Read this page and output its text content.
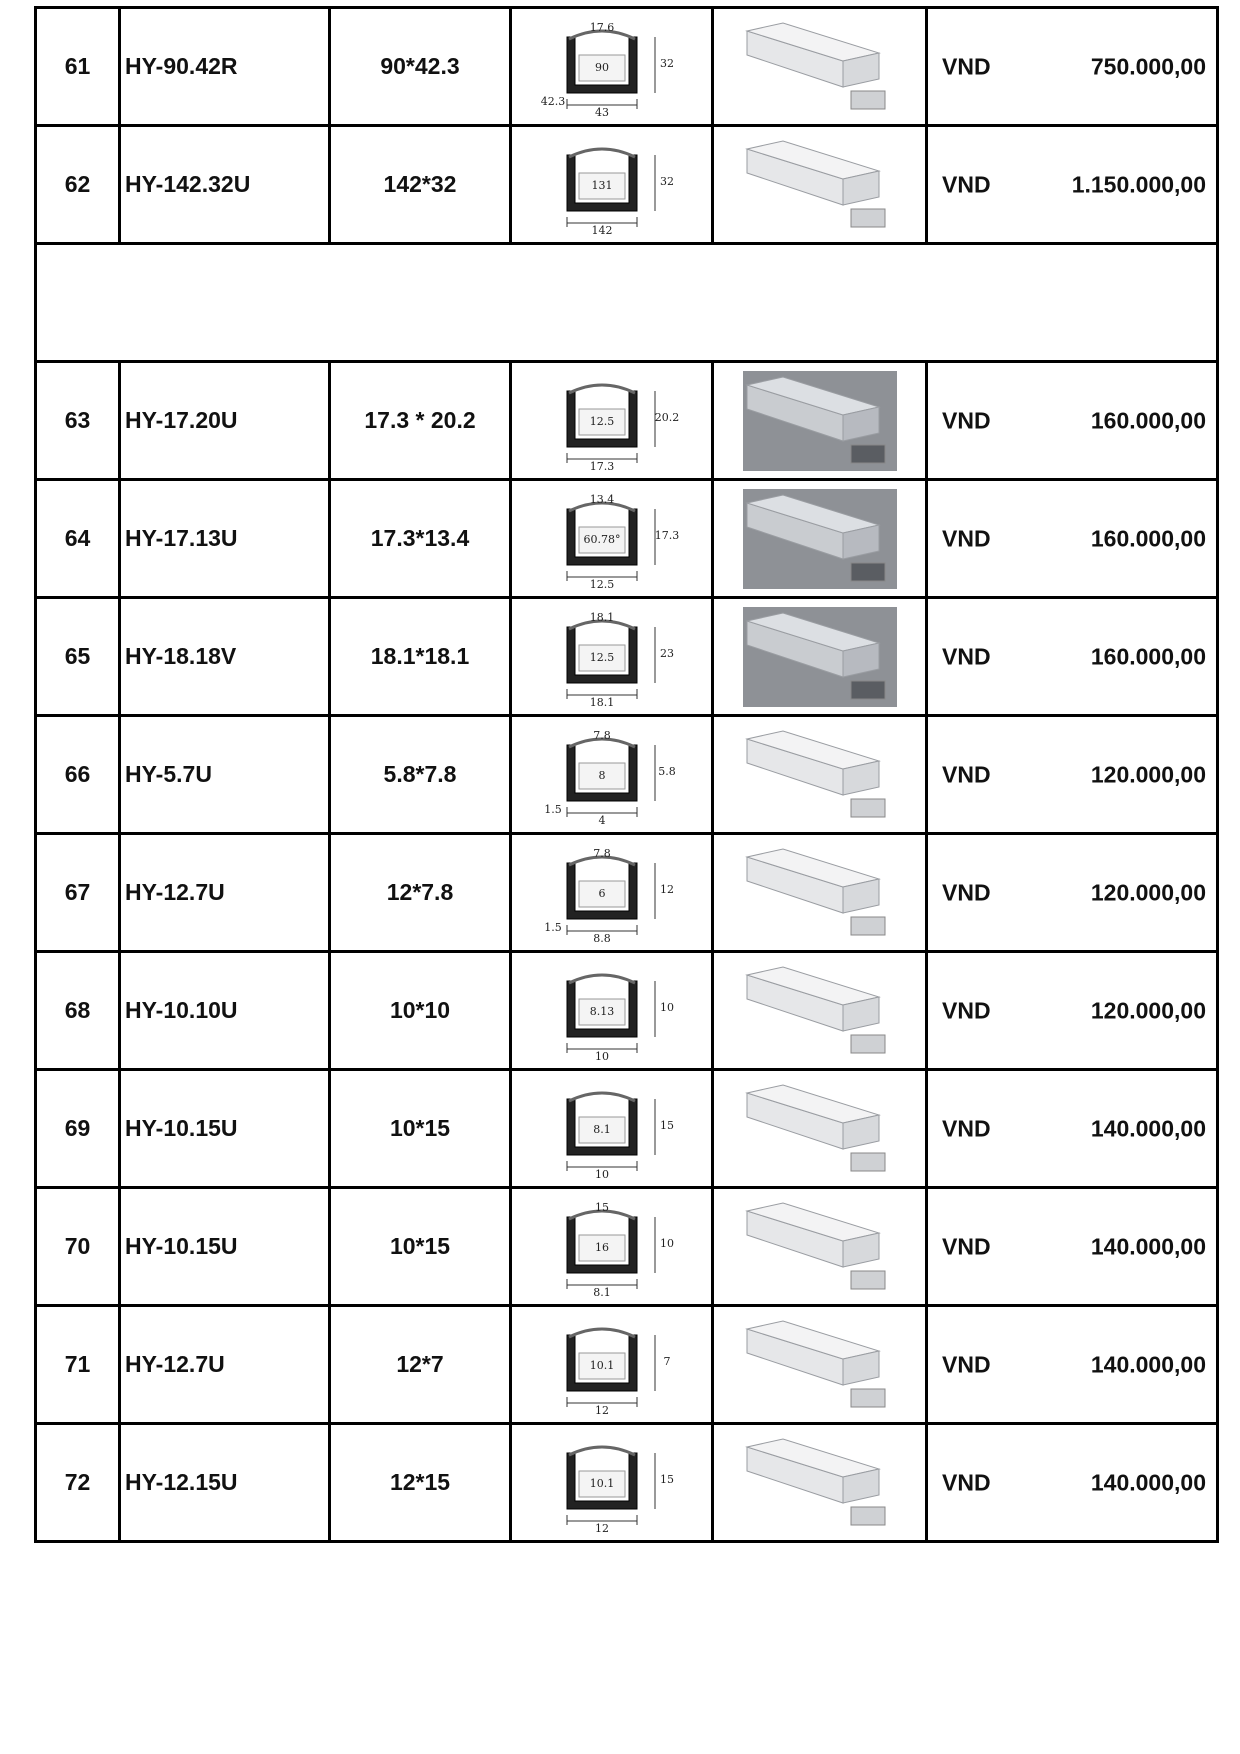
61	HY-90.42R	90*42.3	90
43
32
17.6
42.3		VND 750.000,00

62	HY-142.32U	142*32	131
142
32		VND 1.150.000,00

63	HY-17.20U	17.3 * 20.2	12.5
17.3
20.2		VND 160.000,00

64	HY-17.13U	17.3*13.4	60.78°
12.5
17.3
13.4		VND 160.000,00

65	HY-18.18V	18.1*18.1	12.5
18.1
23
18.1		VND 160.000,00

66	HY-5.7U	5.8*7.8	8
4
5.8
7.8
1.5		VND 120.000,00

67	HY-12.7U	12*7.8	6
8.8
12
7.8
1.5		VND 120.000,00

68	HY-10.10U	10*10	8.13
10
10		VND 120.000,00

69	HY-10.15U	10*15	8.1
10
15		VND 140.000,00

70	HY-10.15U	10*15	16
8.1
10
15		VND 140.000,00

71	HY-12.7U	12*7	10.1
12
7		VND 140.000,00

72	HY-12.15U	12*15	10.1
12
15		VND 140.000,00
